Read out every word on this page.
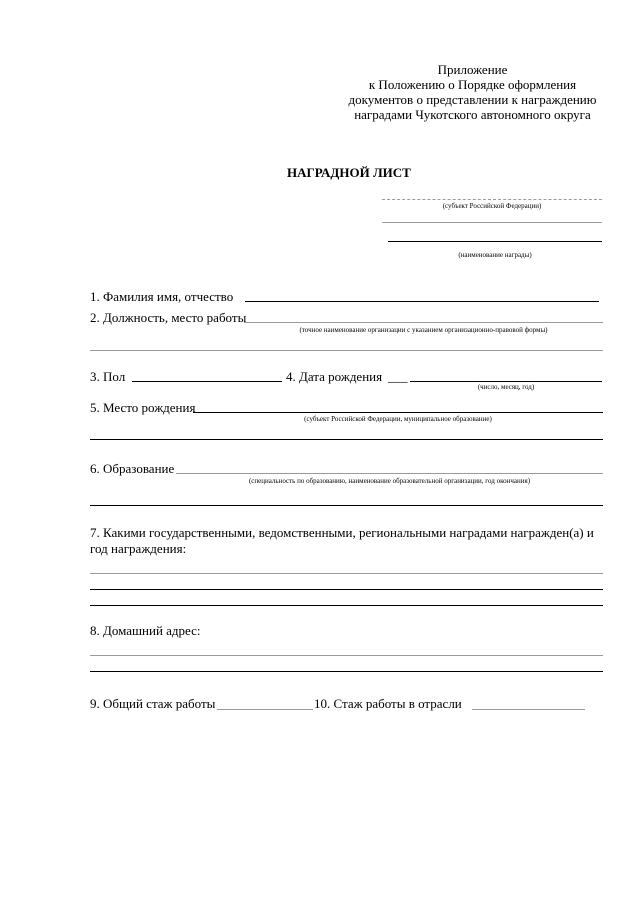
Приложение
к Положению о Порядке оформления
документов о представлении к награждению
наградами Чукотского автономного округа
НАГРАДНОЙ ЛИСТ
(субъект Российской Федерации)
(наименование награды)
1. Фамилия имя, отчество
2. Должность, место работы
(точное наименование организации с указанием организационно-правовой формы)
3. Пол	4. Дата рождения ___
(число, месяц, год)
5. Место рождения
(субъект Российской Федерации, муниципальное образование)
6. Образование
(специальность по образованию, наименование образовательной организации, год окончания)
7. Какими государственными, ведомственными, региональными наградами награжден(а) и
год награждения:
8. Домашний адрес:
9. Общий стаж работы	10. Стаж работы в отрасли
